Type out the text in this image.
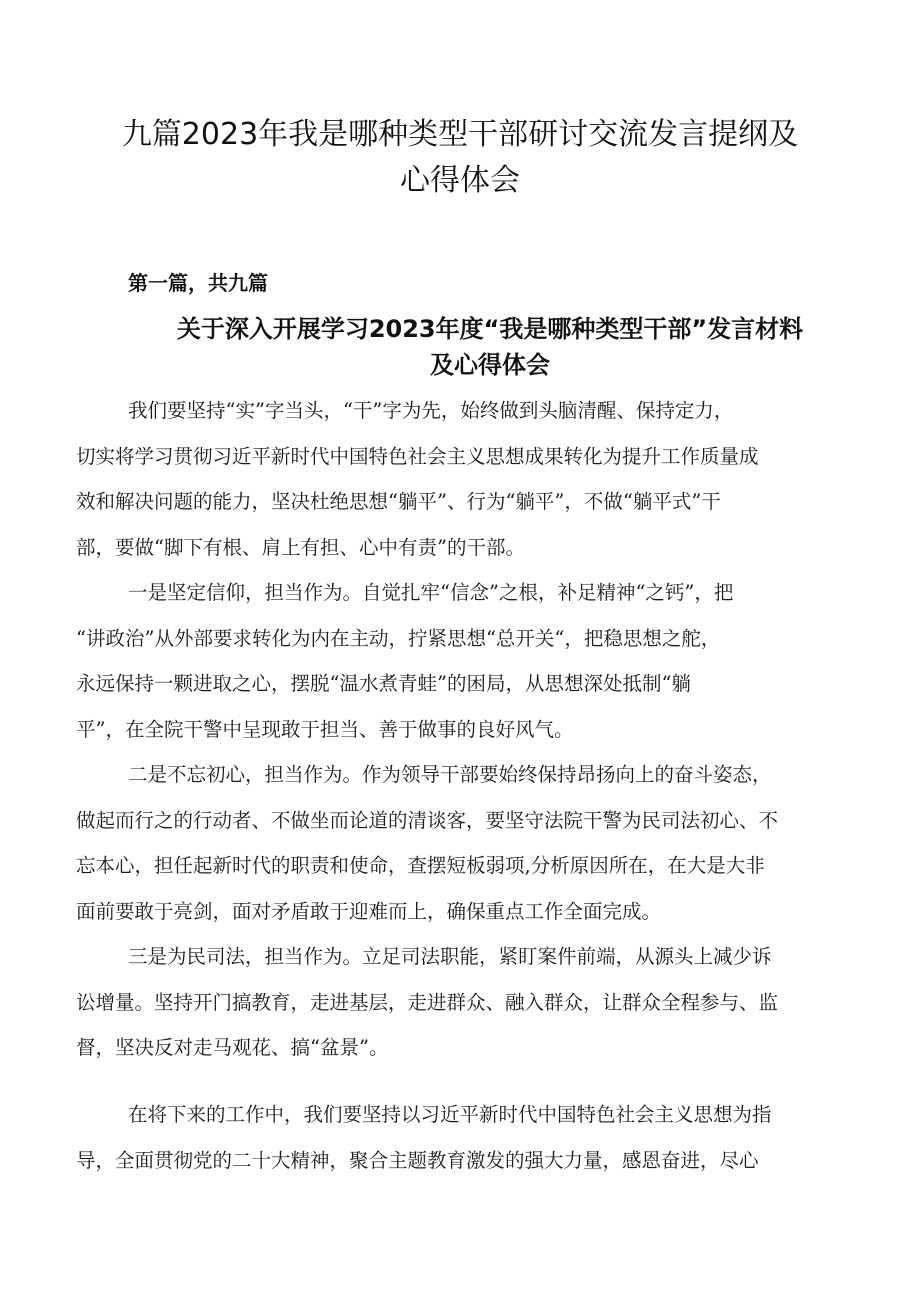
九篇2023年我是哪种类型干部研讨交流发言提纲及
心得体会

第一篇，共九篇

关于深入开展学习2023年度“我是哪种类型干部”发言材料
及心得体会
我们要坚持“实”字当头，“干”字为先，始终做到头脑清醒、保持定力，
切实将学习贯彻习近平新时代中国特色社会主义思想成果转化为提升工作质量成
效和解决问题的能力，坚决杜绝思想“躺平”、行为“躺平”，不做“躺平式”干
部，要做“脚下有根、肩上有担、心中有责”的干部。
一是坚定信仰，担当作为。自觉扎牢“信念”之根，补足精神“之钙”，把
“讲政治”从外部要求转化为内在主动，拧紧思想“总开关“，把稳思想之舵，
永远保持一颗进取之心，摆脱“温水煮青蛙”的困局，从思想深处抵制“躺
平”，在全院干警中呈现敢于担当、善于做事的良好风气。
二是不忘初心，担当作为。作为领导干部要始终保持昂扬向上的奋斗姿态，
做起而行之的行动者、不做坐而论道的清谈客，要坚守法院干警为民司法初心、不
忘本心，担任起新时代的职责和使命，查摆短板弱项,分析原因所在，在大是大非
面前要敢于亮剑，面对矛盾敢于迎难而上，确保重点工作全面完成。
三是为民司法，担当作为。立足司法职能，紧盯案件前端，从源头上减少诉
讼增量。坚持开门搞教育，走进基层，走进群众、融入群众，让群众全程参与、监
督，坚决反对走马观花、搞“盆景”。
在将下来的工作中，我们要坚持以习近平新时代中国特色社会主义思想为指
导，全面贯彻党的二十大精神，聚合主题教育激发的强大力量，感恩奋进，尽心
